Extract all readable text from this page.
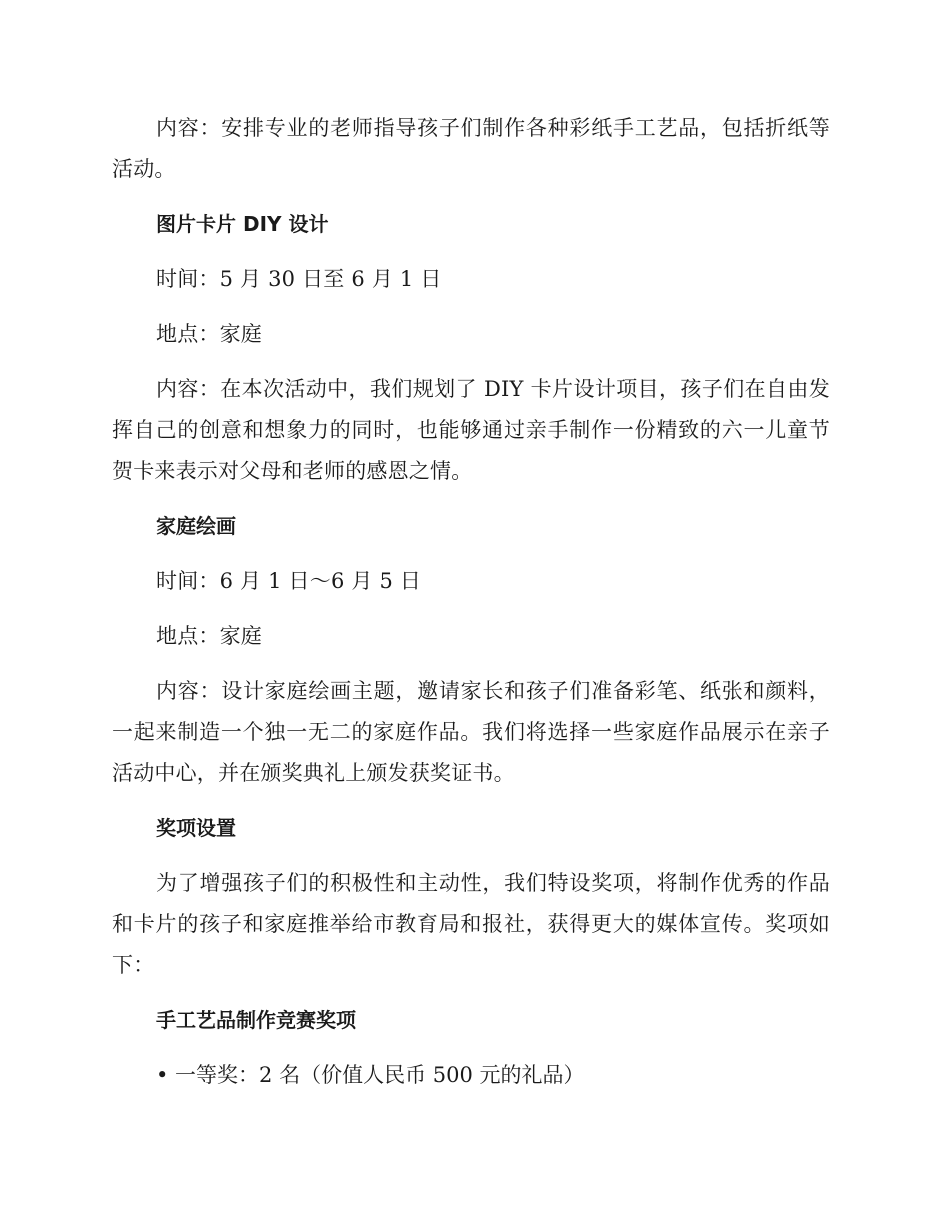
内容：安排专业的老师指导孩子们制作各种彩纸手工艺品，包括折纸等活动。

图片卡片 DIY 设计

时间：5 月 30 日至 6 月 1 日

地点：家庭

内容：在本次活动中，我们规划了 DIY 卡片设计项目，孩子们在自由发挥自己的创意和想象力的同时，也能够通过亲手制作一份精致的六一儿童节贺卡来表示对父母和老师的感恩之情。

家庭绘画

时间：6 月 1 日～6 月 5 日

地点：家庭

内容：设计家庭绘画主题，邀请家长和孩子们准备彩笔、纸张和颜料，一起来制造一个独一无二的家庭作品。我们将选择一些家庭作品展示在亲子活动中心，并在颁奖典礼上颁发获奖证书。

奖项设置

为了增强孩子们的积极性和主动性，我们特设奖项，将制作优秀的作品和卡片的孩子和家庭推举给市教育局和报社，获得更大的媒体宣传。奖项如下：

手工艺品制作竞赛奖项

• 一等奖：2 名（价值人民币 500 元的礼品）
